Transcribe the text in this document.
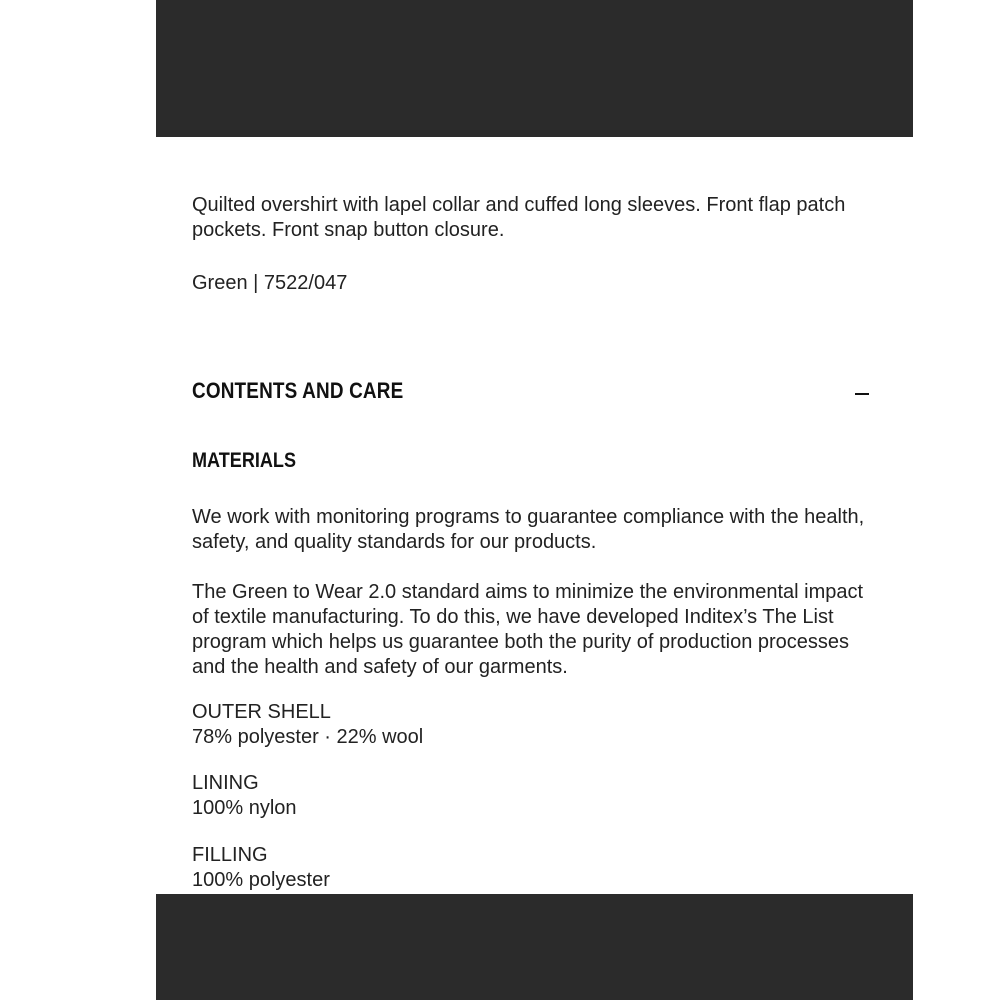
Quilted overshirt with lapel collar and cuffed long sleeves. Front flap patch pockets. Front snap button closure.

Green | 7522/047

CONTENTS AND CARE
MATERIALS

We work with monitoring programs to guarantee compliance with the health, safety, and quality standards for our products.

The Green to Wear 2.0 standard aims to minimize the environmental impact of textile manufacturing. To do this, we have developed Inditex’s The List program which helps us guarantee both the purity of production processes and the health and safety of our garments.

OUTER SHELL
78% polyester · 22% wool
LINING
100% nylon
FILLING
100% polyester
